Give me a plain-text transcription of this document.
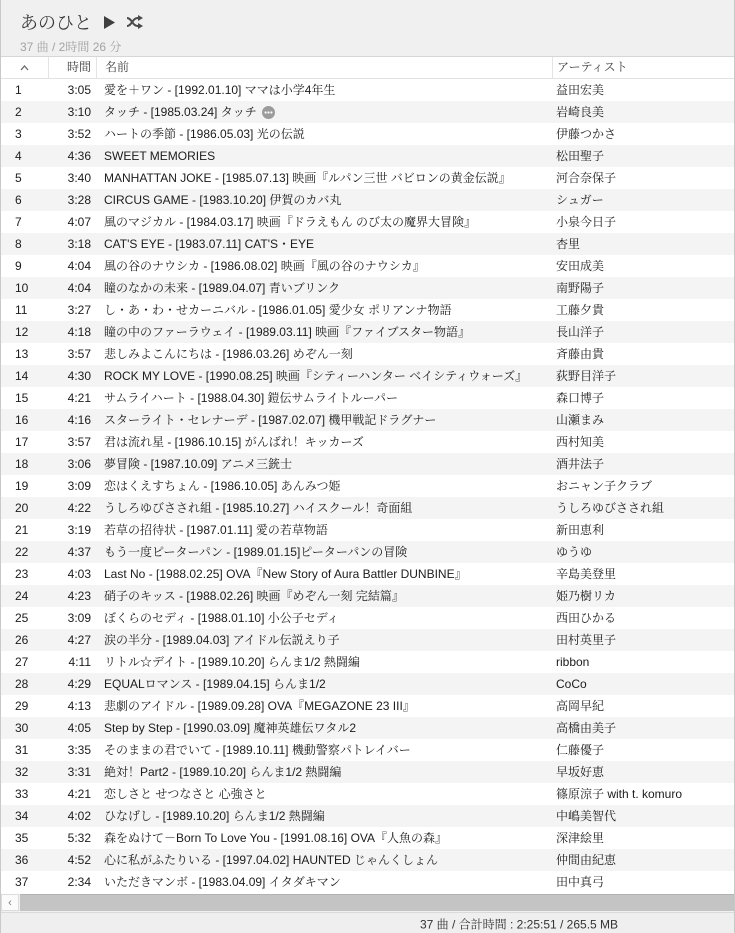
あのひと
37 曲 / 2時間 26 分
時間	名前	アーティスト
1	3:05 愛を＋ワン - [1992.01.10] ママは小学4年生	益田宏美
2	3:10 タッチ - [1985.03.24] タッチ	岩崎良美
3	3:52 ハートの季節 - [1986.05.03] 光の伝説	伊藤つかさ
4	4:36 SWEET MEMORIES	松田聖子
5	3:40 MANHATTAN JOKE - [1985.07.13] 映画『ルパン三世 バビロンの黄金伝説』	河合奈保子
6	3:28 CIRCUS GAME - [1983.10.20] 伊賀のカバ丸	シュガー
7	4:07 風のマジカル - [1984.03.17] 映画『ドラえもん のび太の魔界大冒険』	小泉今日子
8	3:18 CAT'S EYE - [1983.07.11] CAT'S・EYE	杏里
9	4:04 風の谷のナウシカ - [1986.08.02] 映画『風の谷のナウシカ』	安田成美
10	4:04 瞳のなかの未来 - [1989.04.07] 青いブリンク	南野陽子
11	3:27 し・あ・わ・せカーニバル - [1986.01.05] 愛少女 ポリアンナ物語	工藤夕貴
12	4:18 瞳の中のファーラウェイ - [1989.03.11] 映画『ファイブスター物語』	長山洋子
13	3:57 悲しみよこんにちは - [1986.03.26] めぞん一刻	斉藤由貴
14	4:30 ROCK MY LOVE - [1990.08.25] 映画『シティーハンター ベイシティウォーズ』	荻野目洋子
15	4:21 サムライハート - [1988.04.30] 鎧伝サムライトルーパー	森口博子
16	4:16 スターライト・セレナーデ - [1987.02.07] 機甲戦記ドラグナー	山瀬まみ
17	3:57 君は流れ星 - [1986.10.15] がんばれ！キッカーズ	西村知美
18	3:06 夢冒険 - [1987.10.09] アニメ三銃士	酒井法子
19	3:09 恋はくえすちょん - [1986.10.05] あんみつ姫	おニャン子クラブ
20	4:22 うしろゆびさされ組 - [1985.10.27] ハイスクール！奇面組	うしろゆびさされ組
21	3:19 若草の招待状 - [1987.01.11] 愛の若草物語	新田恵利
22	4:37 もう一度ピーターパン - [1989.01.15]ピーターパンの冒険	ゆうゆ
23	4:03 Last No - [1988.02.25] OVA『New Story of Aura Battler DUNBINE』	辛島美登里
24	4:23 硝子のキッス - [1988.02.26] 映画『めぞん一刻 完結篇』	姫乃樹リカ
25	3:09 ぼくらのセディ - [1988.01.10] 小公子セディ	西田ひかる
26	4:27 涙の半分 - [1989.04.03] アイドル伝説えり子	田村英里子
27	4:11 リトル☆デイト - [1989.10.20] らんま1/2 熱闘編	ribbon
28	4:29 EQUALロマンス - [1989.04.15] らんま1/2	CoCo
29	4:13 悲劇のアイドル - [1989.09.28] OVA『MEGAZONE 23 III』	高岡早紀
30	4:05 Step by Step - [1990.03.09] 魔神英雄伝ワタル2	高橋由美子
31	3:35 そのままの君でいて - [1989.10.11] 機動警察パトレイバー	仁藤優子
32	3:31 絶対！Part2 - [1989.10.20] らんま1/2 熱闘編	早坂好恵
33	4:21 恋しさと せつなさと 心強さと	篠原涼子 with t. komuro
34	4:02 ひなげし - [1989.10.20] らんま1/2 熱闘編	中嶋美智代
35	5:32 森をぬけて－Born To Love You - [1991.08.16] OVA『人魚の森』	深津絵里
36	4:52 心に私がふたりいる - [1997.04.02] HAUNTED じゃんくしょん	仲間由紀恵
37	2:34 いただきマンボ - [1983.04.09] イタダキマン	田中真弓
‹
37 曲 / 合計時間 : 2:25:51 / 265.5 MB
